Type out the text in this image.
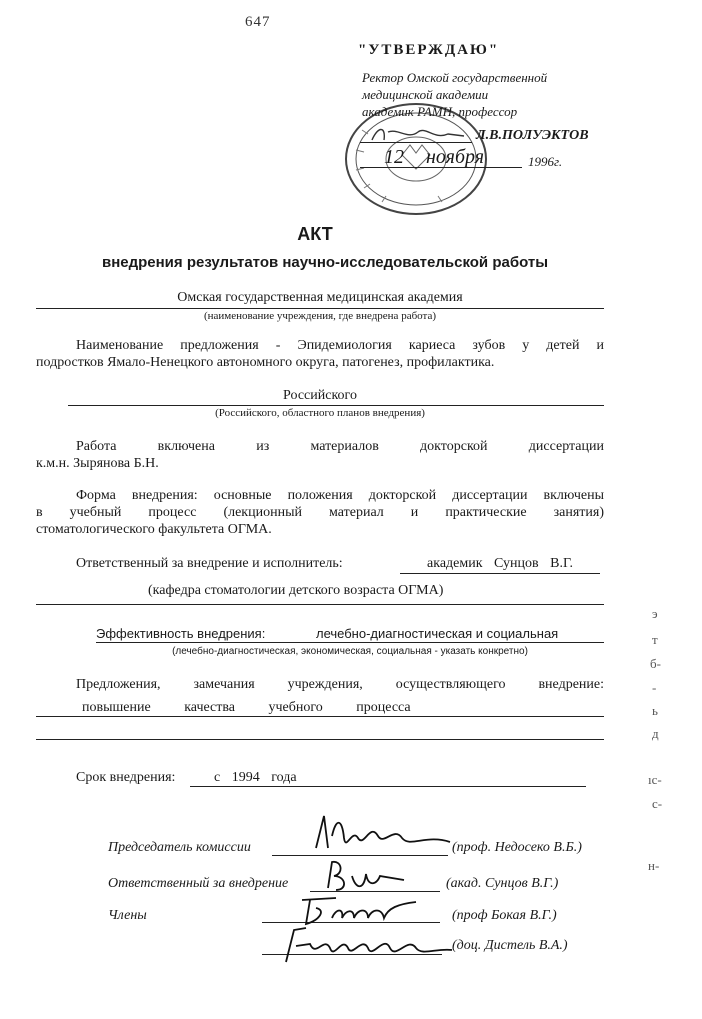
647
"УТВЕРЖДАЮ"
Ректор Омской государственной
медицинской академии
академик РАМН, профессор
Л.В.ПОЛУЭКТОВ
12 ноября	1996г.
АКТ
внедрения результатов научно-исследовательской работы
Омская государственная медицинская академия
(наименование учреждения, где внедрена работа)
Наименование предложения - Эпидемиология кариеса зубов у детей и
подростков Ямало-Ненецкого автономного округа, патогенез, профилактика.
Российского
(Российского, областного планов внедрения)
Работа включена из материалов докторской диссертации
к.м.н. Зырянова Б.Н.
Форма внедрения: основные положения докторской диссертации включены
в учебный процесс (лекционный материал и практические занятия)
стоматологического факультета ОГМА.
Ответственный за внедрение и исполнитель:	академик Сунцов В.Г.
(кафедра стоматологии детского возраста ОГМА)
Эффективность внедрения:	лечебно-диагностическая и социальная
(лечебно-диагностическая, экономическая, социальная - указать конкретно)
Предложения, замечания учреждения, осуществляющего внедрение:
повышение качества учебного процесса
Срок внедрения:	с 1994 года
Председатель комиссии	(проф. Недосеко В.Б.)
Ответственный за внедрение	(акад. Сунцов В.Г.)
Члены	(проф Бокая В.Г.)
(доц. Дистель В.А.)
э
т
б-
-
ь
д
ıс-
с-
н-
